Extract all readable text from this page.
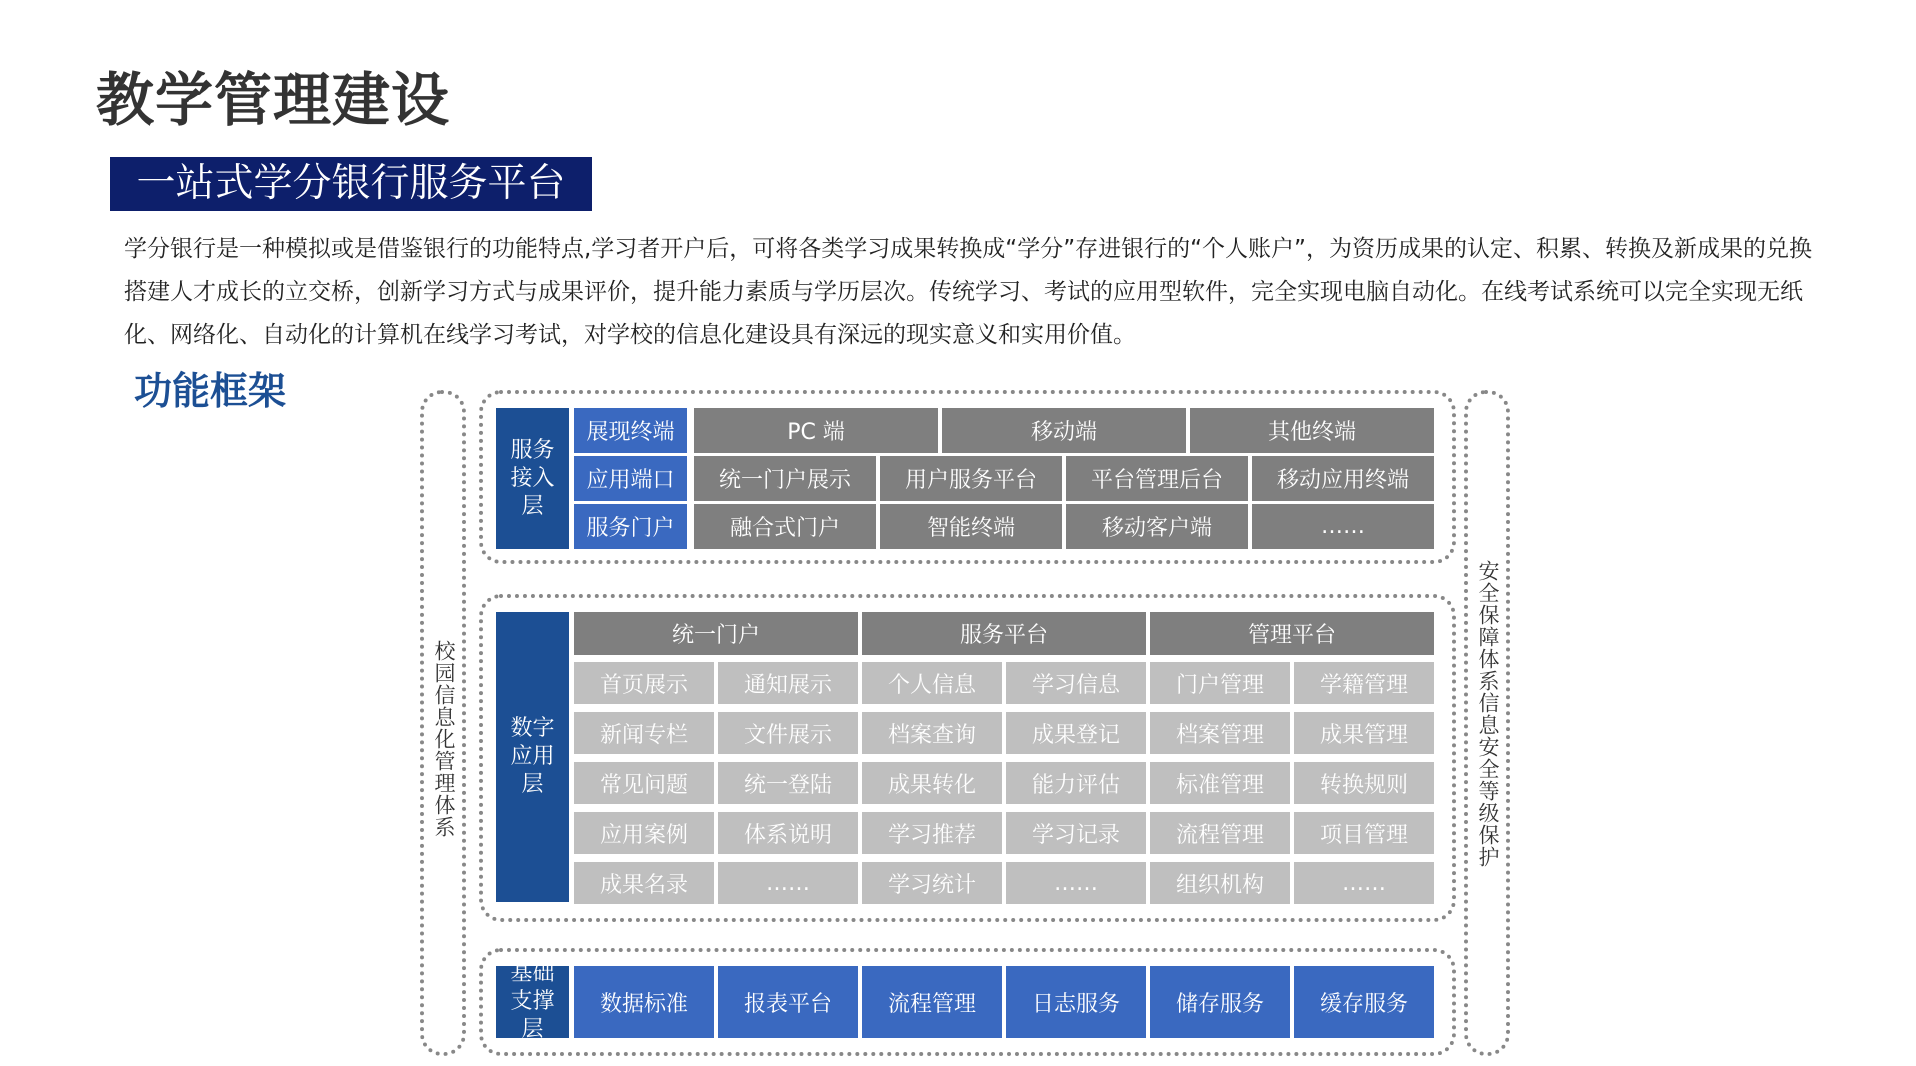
教学管理建设
一站式学分银行服务平台
学分银行是一种模拟或是借鉴银行的功能特点,学习者开户后，可将各类学习成果转换成“学分”存进银行的“个人账户”，为资历成果的认定、积累、转换及新成果的兑换搭建人才成长的立交桥，创新学习方式与成果评价，提升能力素质与学历层次。传统学习、考试的应用型软件，完全实现电脑自动化。在线考试系统可以完全实现无纸化、网络化、自动化的计算机在线学习考试，对学校的信息化建设具有深远的现实意义和实用价值。
功能框架
校园信息化管理体系	安全保障体系信息安全等级保护
服务接入层
展现终端	PC 端	移动端	其他终端
应用端口	统一门户展示	用户服务平台	平台管理后台	移动应用终端
服务门户	融合式门户	智能终端	移动客户端	……
数字应用层
统一门户	服务平台	管理平台
首页展示	通知展示	个人信息	学习信息	门户管理	学籍管理
新闻专栏	文件展示	档案查询	成果登记	档案管理	成果管理
常见问题	统一登陆	成果转化	能力评估	标准管理	转换规则
应用案例	体系说明	学习推荐	学习记录	流程管理	项目管理
成果名录	……	学习统计	……	组织机构	……
基础支撑层
数据标准	报表平台	流程管理	日志服务	储存服务	缓存服务
